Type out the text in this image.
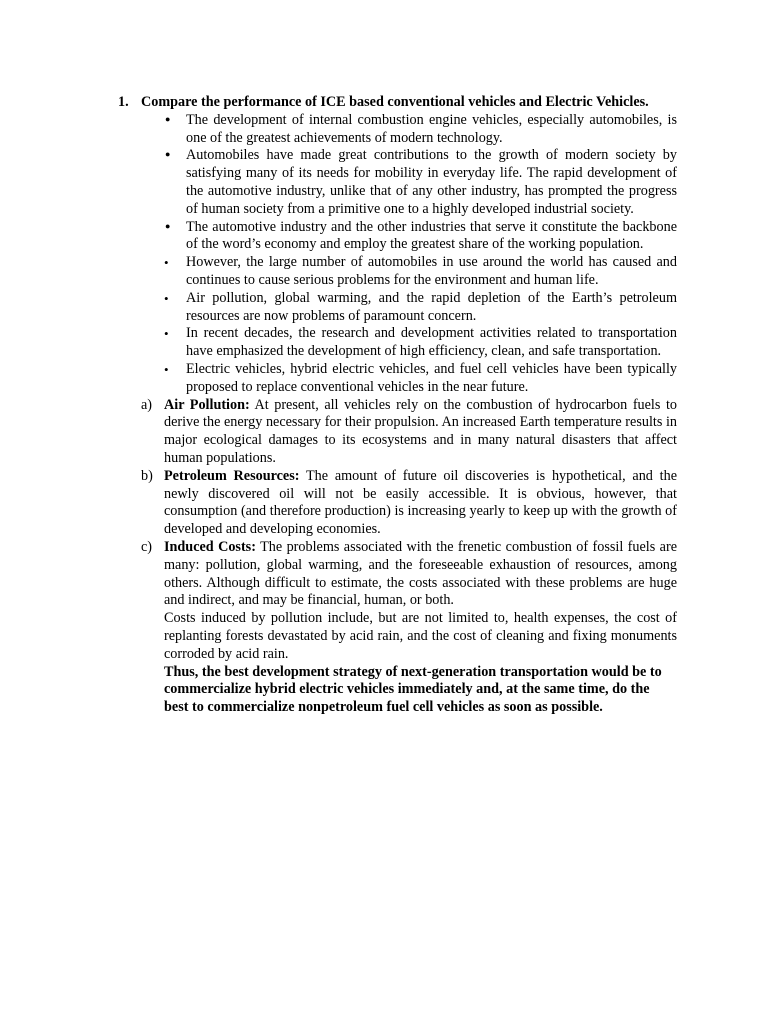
1. Compare the performance of ICE based conventional vehicles and Electric Vehicles.
●
The development of internal combustion engine vehicles, especially automobiles, is one of the greatest achievements of modern technology.
●
Automobiles have made great contributions to the growth of modern society by satisfying many of its needs for mobility in everyday life. The rapid development of the automotive industry, unlike that of any other industry, has prompted the progress of human society from a primitive one to a highly developed industrial society.
●
The automotive industry and the other industries that serve it constitute the backbone of the word’s economy and employ the greatest share of the working population.
•
However, the large number of automobiles in use around the world has caused and continues to cause serious problems for the environment and human life.
•
Air pollution, global warming, and the rapid depletion of the Earth’s petroleum resources are now problems of paramount concern.
•
In recent decades, the research and development activities related to transportation have emphasized the development of high efficiency, clean, and safe transportation.
•
Electric vehicles, hybrid electric vehicles, and fuel cell vehicles have been typically proposed to replace conventional vehicles in the near future.
a) Air Pollution: At present, all vehicles rely on the combustion of hydrocarbon fuels to derive the energy necessary for their propulsion. An increased Earth temperature results in major ecological damages to its ecosystems and in many natural disasters that affect human populations.
b) Petroleum Resources: The amount of future oil discoveries is hypothetical, and the newly discovered oil will not be easily accessible. It is obvious, however, that consumption (and therefore production) is increasing yearly to keep up with the growth of developed and developing economies.
c) Induced Costs: The problems associated with the frenetic combustion of fossil fuels are many: pollution, global warming, and the foreseeable exhaustion of resources, among others. Although difficult to estimate, the costs associated with these problems are huge and indirect, and may be financial, human, or both.
Costs induced by pollution include, but are not limited to, health expenses, the cost of replanting forests devastated by acid rain, and the cost of cleaning and fixing monuments corroded by acid rain.
Thus, the best development strategy of next-generation transportation would be to commercialize hybrid electric vehicles immediately and, at the same time, do the best to commercialize nonpetroleum fuel cell vehicles as soon as possible.
